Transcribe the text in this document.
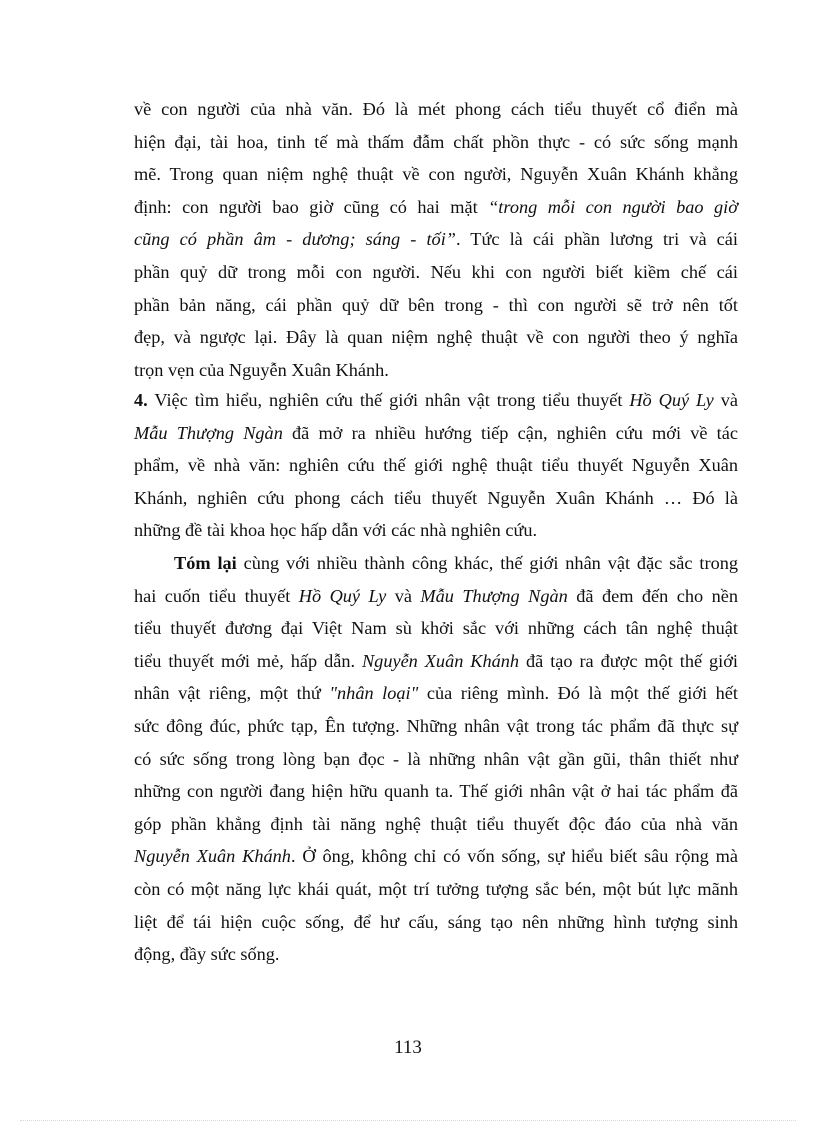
về con người của nhà văn. Đó là mét phong cách tiểu thuyết cổ điển mà
hiện đại, tài hoa, tinh tế mà thấm đẫm chất phồn thực - có sức sống mạnh
mẽ. Trong quan niệm nghệ thuật về con người, Nguyễn Xuân Khánh khẳng
định: con người bao giờ cũng có hai mặt “trong mỗi con người bao giờ
cũng có phần âm - dương; sáng - tối”. Tức là cái phần lương tri và cái
phần quỷ dữ trong mỗi con người. Nếu khi con người biết kiềm chế cái
phần bản năng, cái phần quỷ dữ bên trong - thì con người sẽ trở nên tốt
đẹp, và ngược lại. Đây là quan niệm nghệ thuật về con người theo ý nghĩa
trọn vẹn của Nguyễn Xuân Khánh.
4. Việc tìm hiểu, nghiên cứu thế giới nhân vật trong tiểu thuyết Hồ Quý Ly và
Mẫu Thượng Ngàn đã mở ra nhiều hướng tiếp cận, nghiên cứu mới về tác
phẩm, về nhà văn: nghiên cứu thế giới nghệ thuật tiểu thuyết Nguyễn Xuân
Khánh, nghiên cứu phong cách tiểu thuyết Nguyễn Xuân Khánh … Đó là
những đề tài khoa học hấp dẫn với các nhà nghiên cứu.
Tóm lại cùng với nhiều thành công khác, thế giới nhân vật đặc sắc trong
hai cuốn tiểu thuyết Hồ Quý Ly và Mẫu Thượng Ngàn đã đem đến cho nền
tiểu thuyết đương đại Việt Nam sù khởi sắc với những cách tân nghệ thuật
tiểu thuyết mới mẻ, hấp dẫn. Nguyễn Xuân Khánh đã tạo ra được một thế giới
nhân vật riêng, một thứ "nhân loại" của riêng mình. Đó là một thế giới hết
sức đông đúc, phức tạp, Ên tượng. Những nhân vật trong tác phẩm đã thực sự
có sức sống trong lòng bạn đọc - là những nhân vật gần gũi, thân thiết như
những con người đang hiện hữu quanh ta. Thế giới nhân vật ở hai tác phẩm đã
góp phần khẳng định tài năng nghệ thuật tiểu thuyết độc đáo của nhà văn
Nguyễn Xuân Khánh. Ở ông, không chỉ có vốn sống, sự hiểu biết sâu rộng mà
còn có một năng lực khái quát, một trí tưởng tượng sắc bén, một bút lực mãnh
liệt để tái hiện cuộc sống, để hư cấu, sáng tạo nên những hình tượng sinh
động, đầy sức sống.
113
